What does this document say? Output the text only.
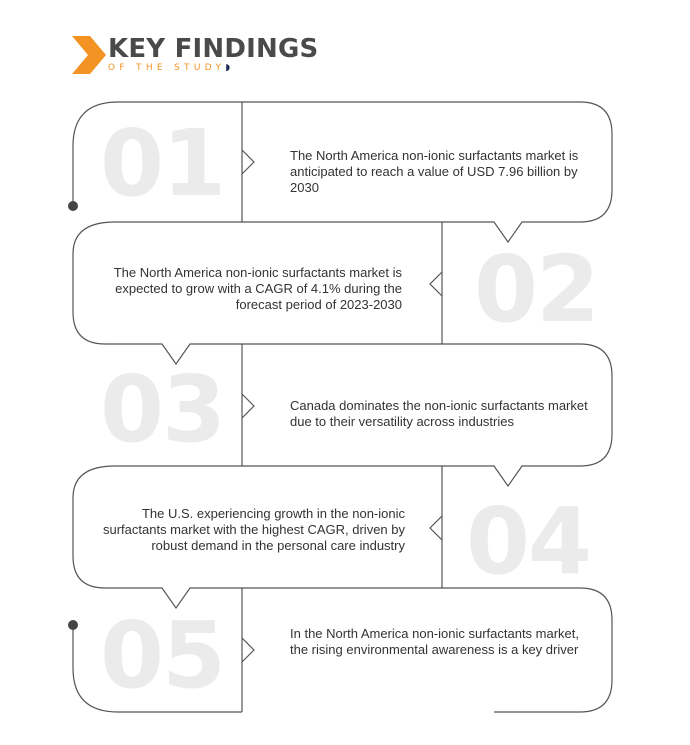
KEY FINDINGS
OF THE STUDY◗
01
02
03
04
05
The North America non-ionic surfactants market is anticipated to reach a value of USD 7.96 billion by 2030
The North America non-ionic surfactants market is expected to grow with a CAGR of 4.1% during the forecast period of 2023-2030
Canada dominates the non-ionic surfactants market due to their versatility across industries
The U.S. experiencing growth in the non-ionic surfactants market with the highest CAGR, driven by robust demand in the personal care industry
In the North America non-ionic surfactants market, the rising environmental awareness is a key driver
